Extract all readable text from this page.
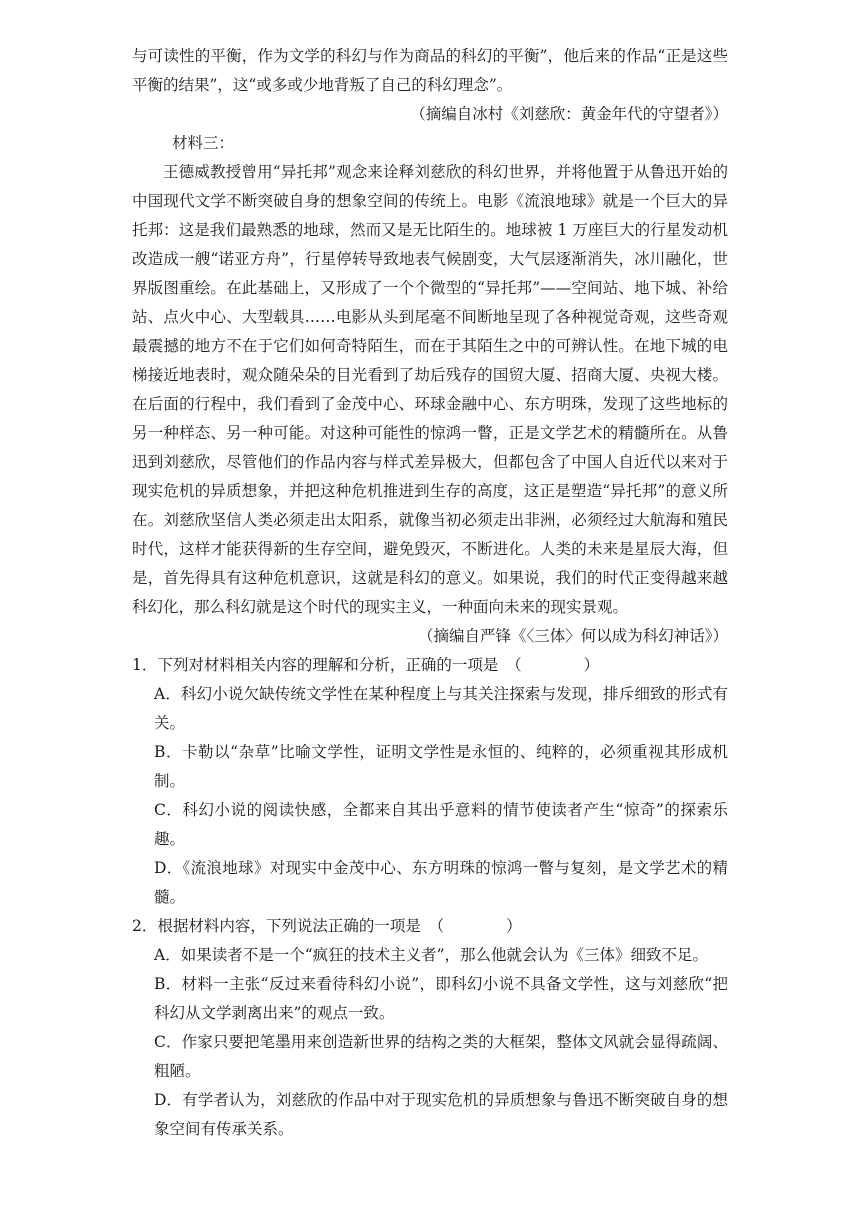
与可读性的平衡，作为文学的科幻与作为商品的科幻的平衡”，他后来的作品“正是这些平衡的结果”，这“或多或少地背叛了自己的科幻理念”。

（摘编自冰村《刘慈欣：黄金年代的守望者》）

材料三：

王德威教授曾用“异托邦”观念来诠释刘慈欣的科幻世界，并将他置于从鲁迅开始的中国现代文学不断突破自身的想象空间的传统上。电影《流浪地球》就是一个巨大的异托邦：这是我们最熟悉的地球，然而又是无比陌生的。地球被 1 万座巨大的行星发动机改造成一艘“诺亚方舟”，行星停转导致地表气候剧变，大气层逐渐消失，冰川融化，世界版图重绘。在此基础上，又形成了一个个微型的“异托邦”——空间站、地下城、补给站、点火中心、大型载具……电影从头到尾毫不间断地呈现了各种视觉奇观，这些奇观最震撼的地方不在于它们如何奇特陌生，而在于其陌生之中的可辨认性。在地下城的电梯接近地表时，观众随朵朵的目光看到了劫后残存的国贸大厦、招商大厦、央视大楼。在后面的行程中，我们看到了金茂中心、环球金融中心、东方明珠，发现了这些地标的另一种样态、另一种可能。对这种可能性的惊鸿一瞥，正是文学艺术的精髓所在。从鲁迅到刘慈欣，尽管他们的作品内容与样式差异极大，但都包含了中国人自近代以来对于现实危机的异质想象，并把这种危机推进到生存的高度，这正是塑造“异托邦”的意义所在。刘慈欣坚信人类必须走出太阳系，就像当初必须走出非洲，必须经过大航海和殖民时代，这样才能获得新的生存空间，避免毁灭，不断进化。人类的未来是星辰大海，但是，首先得具有这种危机意识，这就是科幻的意义。如果说，我们的时代正变得越来越科幻化，那么科幻就是这个时代的现实主义，一种面向未来的现实景观。

（摘编自严锋《〈三体〉何以成为科幻神话》）

1．下列对材料相关内容的理解和分析，正确的一项是　（　　　　）

A．科幻小说欠缺传统文学性在某种程度上与其关注探索与发现，排斥细致的形式有关。

B．卡勒以“杂草”比喻文学性，证明文学性是永恒的、纯粹的，必须重视其形成机制。

C．科幻小说的阅读快感，全都来自其出乎意料的情节使读者产生“惊奇”的探索乐趣。

D．《流浪地球》对现实中金茂中心、东方明珠的惊鸿一瞥与复刻，是文学艺术的精髓。

2．根据材料内容，下列说法正确的一项是　（　　　　）

A．如果读者不是一个“疯狂的技术主义者”，那么他就会认为《三体》细致不足。

B．材料一主张“反过来看待科幻小说”，即科幻小说不具备文学性，这与刘慈欣“把科幻从文学剥离出来”的观点一致。

C．作家只要把笔墨用来创造新世界的结构之类的大框架，整体文风就会显得疏阔、粗陋。

D．有学者认为，刘慈欣的作品中对于现实危机的异质想象与鲁迅不断突破自身的想象空间有传承关系。
